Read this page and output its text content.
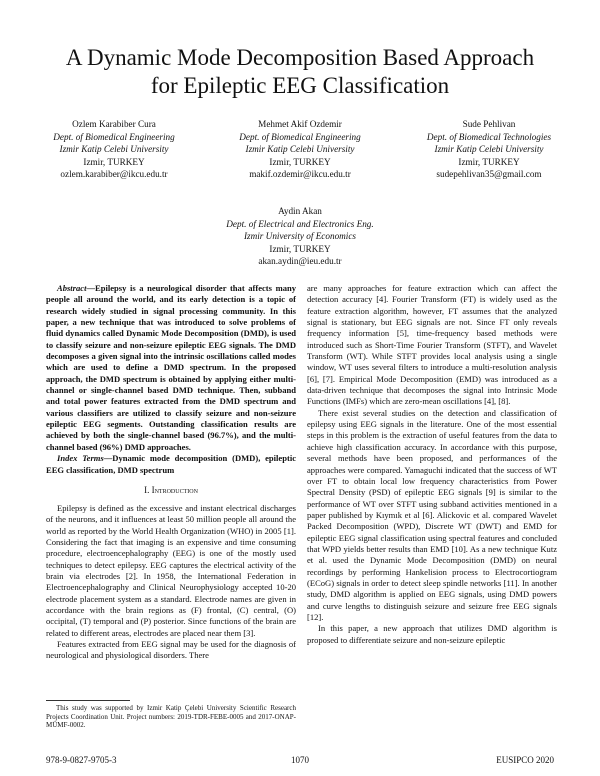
A Dynamic Mode Decomposition Based Approach
for Epileptic EEG Classification
Ozlem Karabiber Cura
Dept. of Biomedical Engineering
Izmir Katip Celebi University
Izmir, TURKEY
ozlem.karabiber@ikcu.edu.tr
Mehmet Akif Ozdemir
Dept. of Biomedical Engineering
Izmir Katip Celebi University
Izmir, TURKEY
makif.ozdemir@ikcu.edu.tr
Sude Pehlivan
Dept. of Biomedical Technologies
Izmir Katip Celebi University
Izmir, TURKEY
sudepehlivan35@gmail.com
Aydin Akan
Dept. of Electrical and Electronics Eng.
Izmir University of Economics
Izmir, TURKEY
akan.aydin@ieu.edu.tr

Abstract—Epilepsy is a neurological disorder that affects many people all around the world, and its early detection is a topic of research widely studied in signal processing community. In this paper, a new technique that was introduced to solve problems of fluid dynamics called Dynamic Mode Decomposition (DMD), is used to classify seizure and non-seizure epileptic EEG signals. The DMD decomposes a given signal into the intrinsic oscillations called modes which are used to define a DMD spectrum. In the proposed approach, the DMD spectrum is obtained by applying either multi-channel or single-channel based DMD technique. Then, subband and total power features extracted from the DMD spectrum and various classifiers are utilized to classify seizure and non-seizure epileptic EEG segments. Outstanding classification results are achieved by both the single-channel based (96.7%), and the multi-channel based (96%) DMD approaches.

Index Terms—Dynamic mode decomposition (DMD), epileptic EEG classification, DMD spectrum

I. Introduction

Epilepsy is defined as the excessive and instant electrical discharges of the neurons, and it influences at least 50 million people all around the world as reported by the World Health Organization (WHO) in 2005 [1]. Considering the fact that imaging is an expensive and time consuming procedure, electroencephalography (EEG) is one of the mostly used techniques to detect epilepsy. EEG captures the electrical activity of the brain via electrodes [2]. In 1958, the International Federation in Electroencephalography and Clinical Neurophysiology accepted 10-20 electrode placement system as a standard. Electrode names are given in accordance with the brain regions as (F) frontal, (C) central, (O) occipital, (T) temporal and (P) posterior. Since functions of the brain are related to different areas, electrodes are placed near them [3].

Features extracted from EEG signal may be used for the diagnosis of neurological and physiological disorders. There

This study was supported by Izmir Katip Çelebi University Scientific Research Projects Coordination Unit. Project numbers: 2019-TDR-FEBE-0005 and 2017-ONAP-MÜMF-0002.

are many approaches for feature extraction which can affect the detection accuracy [4]. Fourier Transform (FT) is widely used as the feature extraction algorithm, however, FT assumes that the analyzed signal is stationary, but EEG signals are not. Since FT only reveals frequency information [5], time-frequency based methods were introduced such as Short-Time Fourier Transform (STFT), and Wavelet Transform (WT). While STFT provides local analysis using a single window, WT uses several filters to introduce a multi-resolution analysis [6], [7]. Empirical Mode Decomposition (EMD) was introduced as a data-driven technique that decomposes the signal into Intrinsic Mode Functions (IMFs) which are zero-mean oscillations [4], [8].

There exist several studies on the detection and classification of epilepsy using EEG signals in the literature. One of the most essential steps in this problem is the extraction of useful features from the data to achieve high classification accuracy. In accordance with this purpose, several methods have been proposed, and performances of the approaches were compared. Yamaguchi indicated that the success of WT over FT to obtain local low frequency characteristics from Power Spectral Density (PSD) of epileptic EEG signals [9] is similar to the performance of WT over STFT using subband activities mentioned in a paper published by Kıymık et al [6]. Alickovic et al. compared Wavelet Packed Decomposition (WPD), Discrete WT (DWT) and EMD for epileptic EEG signal classification using spectral features and concluded that WPD yields better results than EMD [10]. As a new technique Kutz et al. used the Dynamic Mode Decomposition (DMD) on neural recordings by performing Hankelision process to Electrocortiogram (ECoG) signals in order to detect sleep spindle networks [11]. In another study, DMD algorithm is applied on EEG signals, using DMD powers and curve lengths to distinguish seizure and seizure free EEG signals [12].

In this paper, a new approach that utilizes DMD algorithm is proposed to differentiate seizure and non-seizure epileptic

978-9-0827-9705-3	1070	EUSIPCO 2020
